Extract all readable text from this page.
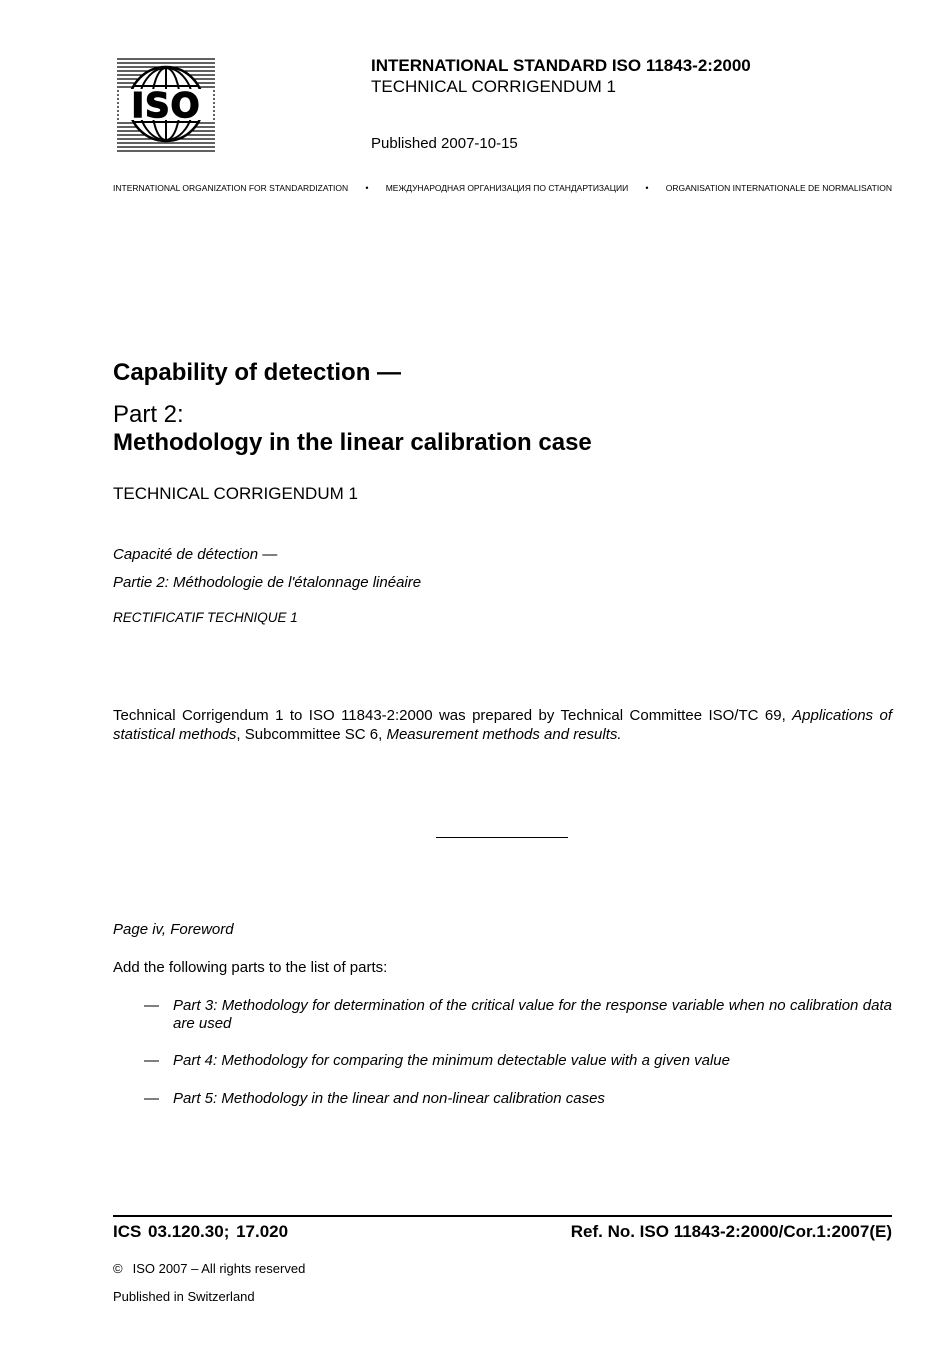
ISO
INTERNATIONAL STANDARD ISO 11843-2:2000
TECHNICAL CORRIGENDUM 1
Published 2007-10-15
INTERNATIONAL ORGANIZATION FOR STANDARDIZATION	•	МЕЖДУНАРОДНАЯ ОРГАНИЗАЦИЯ ПО СТАНДАРТИЗАЦИИ	•	ORGANISATION INTERNATIONALE DE NORMALISATION
Capability of detection —
Part 2:
Methodology in the linear calibration case
TECHNICAL CORRIGENDUM 1
Capacité de détection —
Partie 2: Méthodologie de l'étalonnage linéaire
RECTIFICATIF TECHNIQUE 1
Technical Corrigendum 1 to ISO 11843-2:2000 was prepared by Technical Committee ISO/TC 69, Applications of statistical methods, Subcommittee SC 6, Measurement methods and results.
Page iv, Foreword
Add the following parts to the list of parts:
— Part 3: Methodology for determination of the critical value for the response variable when no calibration data are used
— Part 4: Methodology for comparing the minimum detectable value with a given value
— Part 5: Methodology in the linear and non-linear calibration cases
ICS 03.120.30; 17.020	Ref. No. ISO 11843-2:2000/Cor.1:2007(E)
© ISO 2007 – All rights reserved
Published in Switzerland
